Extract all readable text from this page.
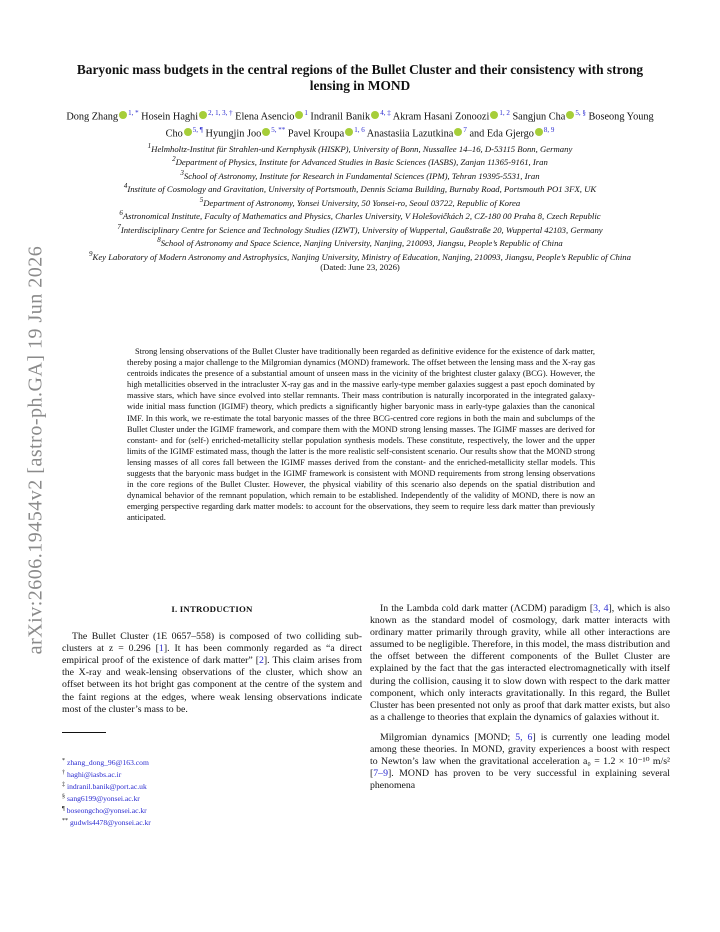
arXiv:2606.19454v2 [astro-ph.GA] 19 Jun 2026
Baryonic mass budgets in the central regions of the Bullet Cluster and their consistency with strong lensing in MOND
Dong Zhang $^{1, *}$ Hosein Haghi $^{2, 1, 3, \dagger}$ Elena Asencio $^1$ Indranil Banik $^{4, \ddagger}$ Akram Hasani Zonoozi $^{1, 2}$ Sangjun Cha $^{5, \S}$ Boseong Young Cho $^{5, \P}$ Hyungjin Joo $^{5, **}$ Pavel Kroupa $^{1, 6}$ Anastasiia Lazutkina $^7$ and Eda Gjergo $^{8, 9}$
$^1$Helmholtz-Institut für Strahlen-und Kernphysik (HISKP), University of Bonn, Nussallee 14–16, D-53115 Bonn, Germany
$^2$Department of Physics, Institute for Advanced Studies in Basic Sciences (IASBS), Zanjan 11365-9161, Iran
$^3$School of Astronomy, Institute for Research in Fundamental Sciences (IPM), Tehran 19395-5531, Iran
$^4$Institute of Cosmology and Gravitation, University of Portsmouth, Dennis Sciama Building, Burnaby Road, Portsmouth PO1 3FX, UK
$^5$Department of Astronomy, Yonsei University, 50 Yonsei-ro, Seoul 03722, Republic of Korea
$^6$Astronomical Institute, Faculty of Mathematics and Physics, Charles University, V Holešovičkách 2, CZ-180 00 Praha 8, Czech Republic
$^7$Interdisciplinary Centre for Science and Technology Studies (IZWT), University of Wuppertal, Gaußstraße 20, Wuppertal 42103, Germany
$^8$School of Astronomy and Space Science, Nanjing University, Nanjing, 210093, Jiangsu, People’s Republic of China
$^9$Key Laboratory of Modern Astronomy and Astrophysics, Nanjing University, Ministry of Education, Nanjing, 210093, Jiangsu, People’s Republic of China
(Dated: June 23, 2026)

Strong lensing observations of the Bullet Cluster have traditionally been regarded as definitive evidence for the existence of dark matter, thereby posing a major challenge to the Milgromian dynamics (MOND) framework. The offset between the lensing mass and the X-ray gas centroids indicates the presence of a substantial amount of unseen mass in the vicinity of the brightest cluster galaxy (BCG). However, the high metallicities observed in the intracluster X-ray gas and in the massive early-type member galaxies suggest a past epoch dominated by massive stars, which have since evolved into stellar remnants. Their mass contribution is naturally incorporated in the integrated galaxy-wide initial mass function (IGIMF) theory, which predicts a significantly higher baryonic mass in early-type galaxies than the canonical IMF. In this work, we re-estimate the total baryonic masses of the three BCG-centred core regions in both the main and subclumps of the Bullet Cluster under the IGIMF framework, and compare them with the MOND strong lensing masses. The IGIMF masses are derived for constant- and for (self-) enriched-metallicity stellar population synthesis models. These constitute, respectively, the lower and the upper limits of the IGIMF estimated mass, though the latter is the more realistic self-consistent scenario. Our results show that the MOND strong lensing masses of all cores fall between the IGIMF masses derived from the constant- and the enriched-metallicity stellar models. This suggests that the baryonic mass budget in the IGIMF framework is consistent with MOND requirements from strong lensing observations in the core regions of the Bullet Cluster. However, the physical viability of this scenario also depends on the spatial distribution and dynamical behavior of the remnant population, which remain to be established. Independently of the validity of MOND, there is now an emerging perspective regarding dark matter models: to account for the observations, they seem to require less dark matter than previously anticipated.

I. INTRODUCTION

The Bullet Cluster (1E 0657–558) is composed of two colliding sub-clusters at z = 0.296 [1]. It has been commonly regarded as “a direct empirical proof of the existence of dark matter” [2]. This claim arises from the X-ray and weak-lensing observations of the cluster, which show an offset between its hot bright gas component at the centre of the system and the faint regions at the edges, where weak lensing observations indicate most of the cluster’s mass to be.

In the Lambda cold dark matter (ΛCDM) paradigm [3, 4], which is also known as the standard model of cosmology, dark matter interacts with ordinary matter primarily through gravity, while all other interactions are assumed to be negligible. Therefore, in this model, the mass distribution and the offset between the different components of the Bullet Cluster are explained by the fact that the gas interacted electromagnetically with itself during the collision, causing it to slow down with respect to the dark matter component, which only interacts gravitationally. In this regard, the Bullet Cluster has been presented not only as proof that dark matter exists, but also as a challenge to theories that explain the dynamics of galaxies without it.

Milgromian dynamics [MOND; 5, 6] is currently one leading model among these theories. In MOND, gravity experiences a boost with respect to Newton’s law when the gravitational acceleration a₀ = 1.2 × 10⁻¹⁰ m/s² [7–9]. MOND has proven to be very successful in explaining several phenomena

* zhang_dong_96@163.com
† haghi@iasbs.ac.ir
‡ indranil.banik@port.ac.uk
§ sang6199@yonsei.ac.kr
¶ boseongcho@yonsei.ac.kr
** gudwls4478@yonsei.ac.kr
